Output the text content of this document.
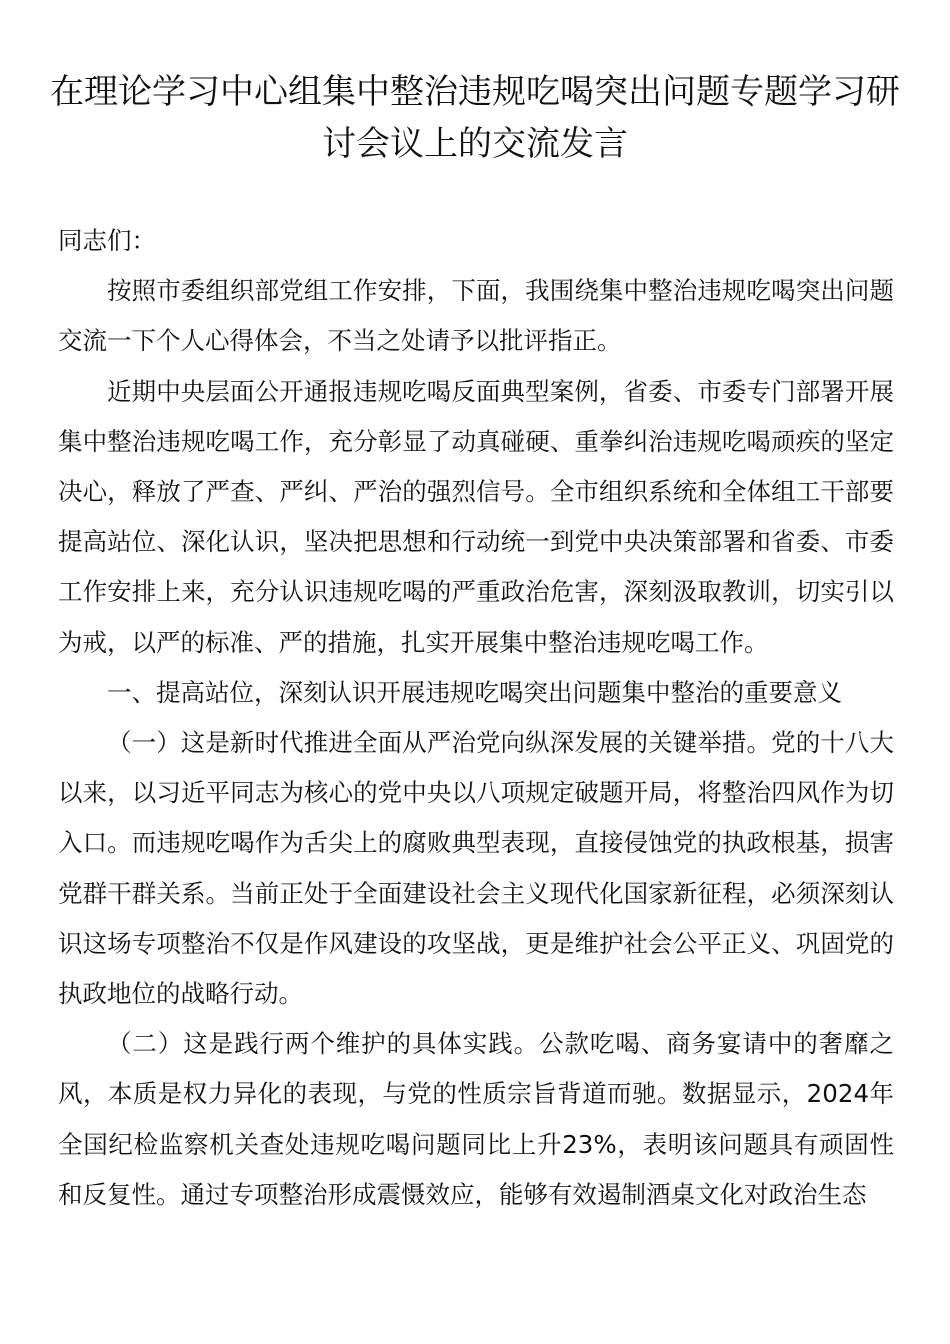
在理论学习中心组集中整治违规吃喝突出问题专题学习研讨会议上的交流发言

同志们：

按照市委组织部党组工作安排，下面，我围绕集中整治违规吃喝突出问题交流一下个人心得体会，不当之处请予以批评指正。

近期中央层面公开通报违规吃喝反面典型案例，省委、市委专门部署开展集中整治违规吃喝工作，充分彰显了动真碰硬、重拳纠治违规吃喝顽疾的坚定决心，释放了严查、严纠、严治的强烈信号。全市组织系统和全体组工干部要提高站位、深化认识，坚决把思想和行动统一到党中央决策部署和省委、市委工作安排上来，充分认识违规吃喝的严重政治危害，深刻汲取教训，切实引以为戒，以严的标准、严的措施，扎实开展集中整治违规吃喝工作。

一、提高站位，深刻认识开展违规吃喝突出问题集中整治的重要意义

（一）这是新时代推进全面从严治党向纵深发展的关键举措。党的十八大以来，以习近平同志为核心的党中央以八项规定破题开局，将整治四风作为切入口。而违规吃喝作为舌尖上的腐败典型表现，直接侵蚀党的执政根基，损害党群干群关系。当前正处于全面建设社会主义现代化国家新征程，必须深刻认识这场专项整治不仅是作风建设的攻坚战，更是维护社会公平正义、巩固党的执政地位的战略行动。

（二）这是践行两个维护的具体实践。公款吃喝、商务宴请中的奢靡之风，本质是权力异化的表现，与党的性质宗旨背道而驰。数据显示，2024年全国纪检监察机关查处违规吃喝问题同比上升23%，表明该问题具有顽固性和反复性。通过专项整治形成震慑效应，能够有效遏制酒桌文化对政治生态
